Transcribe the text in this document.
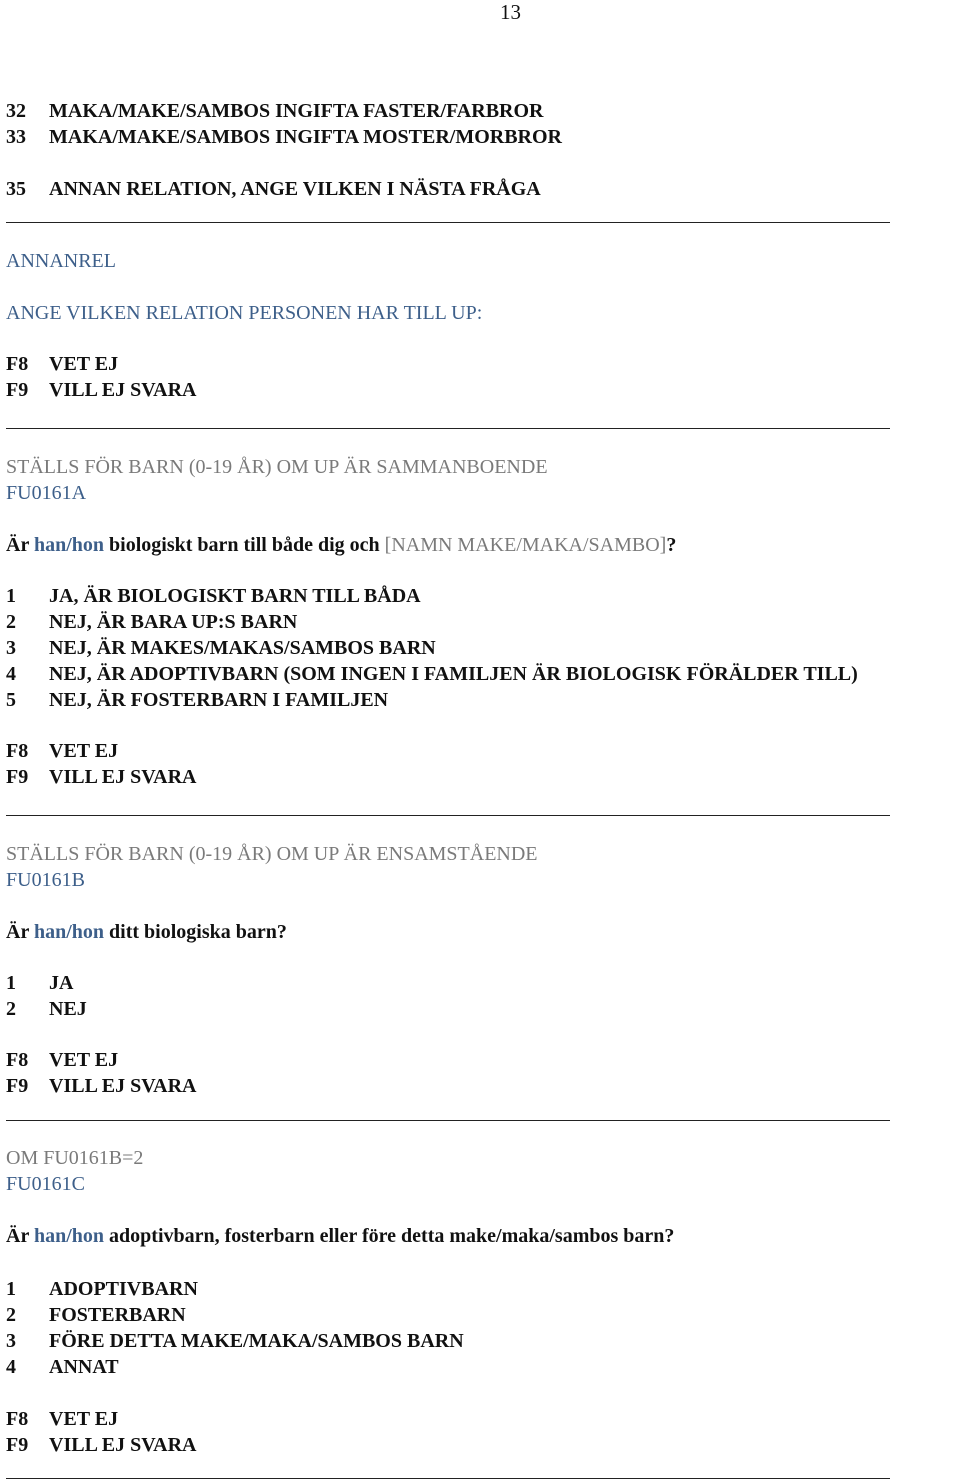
13
32 MAKA/MAKE/SAMBOS INGIFTA FASTER/FARBROR
33 MAKA/MAKE/SAMBOS INGIFTA MOSTER/MORBROR
35 ANNAN RELATION, ANGE VILKEN I NÄSTA FRÅGA
ANNANREL
ANGE VILKEN RELATION PERSONEN HAR TILL UP:
F8 VET EJ
F9 VILL EJ SVARA
STÄLLS FÖR BARN (0-19 ÅR) OM UP ÄR SAMMANBOENDE
FU0161A
Är han/hon biologiskt barn till både dig och [NAMN MAKE/MAKA/SAMBO]?
1 JA, ÄR BIOLOGISKT BARN TILL BÅDA
2 NEJ, ÄR BARA UP:S BARN
3 NEJ, ÄR MAKES/MAKAS/SAMBOS BARN
4 NEJ, ÄR ADOPTIVBARN (SOM INGEN I FAMILJEN ÄR BIOLOGISK FÖRÄLDER TILL)
5 NEJ, ÄR FOSTERBARN I FAMILJEN
F8 VET EJ
F9 VILL EJ SVARA
STÄLLS FÖR BARN (0-19 ÅR) OM UP ÄR ENSAMSTÅENDE
FU0161B
Är han/hon ditt biologiska barn?
1 JA
2 NEJ
F8 VET EJ
F9 VILL EJ SVARA
OM FU0161B=2
FU0161C
Är han/hon adoptivbarn, fosterbarn eller före detta make/maka/sambos barn?
1 ADOPTIVBARN
2 FOSTERBARN
3 FÖRE DETTA MAKE/MAKA/SAMBOS BARN
4 ANNAT
F8 VET EJ
F9 VILL EJ SVARA
